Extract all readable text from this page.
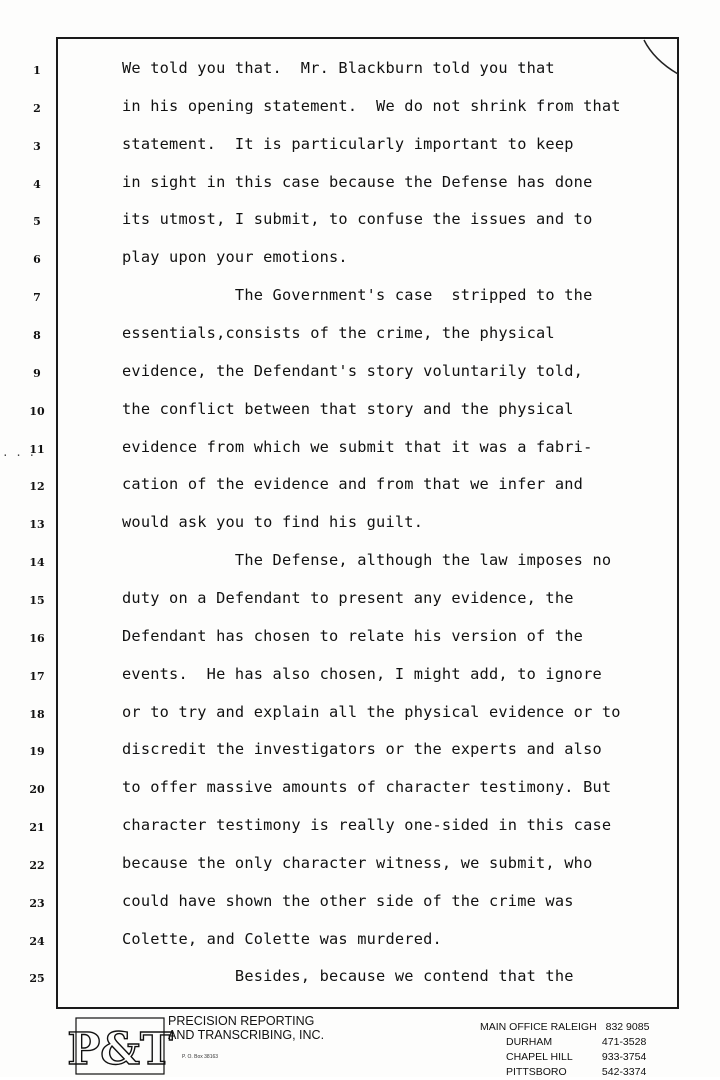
. . .
1	We told you that.  Mr. Blackburn told you that
2	in his opening statement.  We do not shrink from that
3	statement.  It is particularly important to keep
4	in sight in this case because the Defense has done
5	its utmost, I submit, to confuse the issues and to
6	play upon your emotions.
7	The Government's case  stripped to the
8	essentials,consists of the crime, the physical
9	evidence, the Defendant's story voluntarily told,
10	the conflict between that story and the physical
11	evidence from which we submit that it was a fabri-
12	cation of the evidence and from that we infer and
13	would ask you to find his guilt.
14	The Defense, although the law imposes no
15	duty on a Defendant to present any evidence, the
16	Defendant has chosen to relate his version of the
17	events.  He has also chosen, I might add, to ignore
18	or to try and explain all the physical evidence or to
19	discredit the investigators or the experts and also
20	to offer massive amounts of character testimony. But
21	character testimony is really one-sided in this case
22	because the only character witness, we submit, who
23	could have shown the other side of the crime was
24	Colette, and Colette was murdered.
25	Besides, because we contend that the
P&T
PRECISION REPORTING
AND TRANSCRIBING, INC.
P. O. Box 38163
MAIN OFFICE RALEIGH 832 9085
DURHAM	471-3528
CHAPEL HILL	933-3754
PITTSBORO	542-3374
